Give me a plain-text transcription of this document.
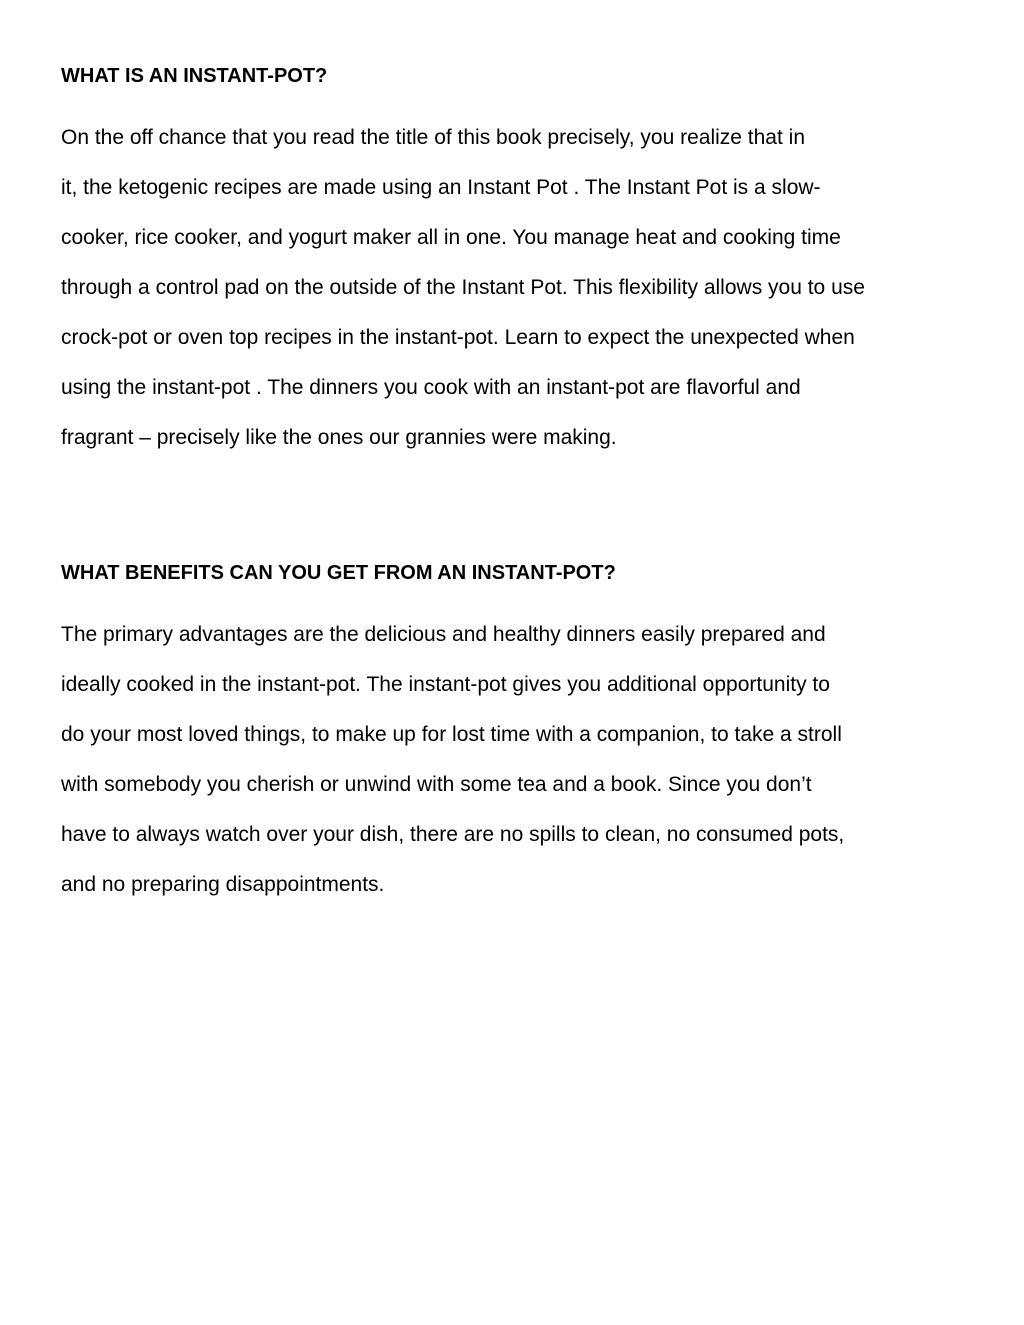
WHAT IS AN INSTANT-POT?

On the off chance that you read the title of this book precisely, you realize that in
it, the ketogenic recipes are made using an Instant Pot . The Instant Pot is a slow-
cooker, rice cooker, and yogurt maker all in one. You manage heat and cooking time
through a control pad on the outside of the Instant Pot. This flexibility allows you to use
crock-pot or oven top recipes in the instant-pot. Learn to expect the unexpected when
using the instant-pot . The dinners you cook with an instant-pot are flavorful and
fragrant – precisely like the ones our grannies were making.

WHAT BENEFITS CAN YOU GET FROM AN INSTANT-POT?

The primary advantages are the delicious and healthy dinners easily prepared and
ideally cooked in the instant-pot. The instant-pot gives you additional opportunity to
do your most loved things, to make up for lost time with a companion, to take a stroll
with somebody you cherish or unwind with some tea and a book. Since you don’t
have to always watch over your dish, there are no spills to clean, no consumed pots,
and no preparing disappointments.
